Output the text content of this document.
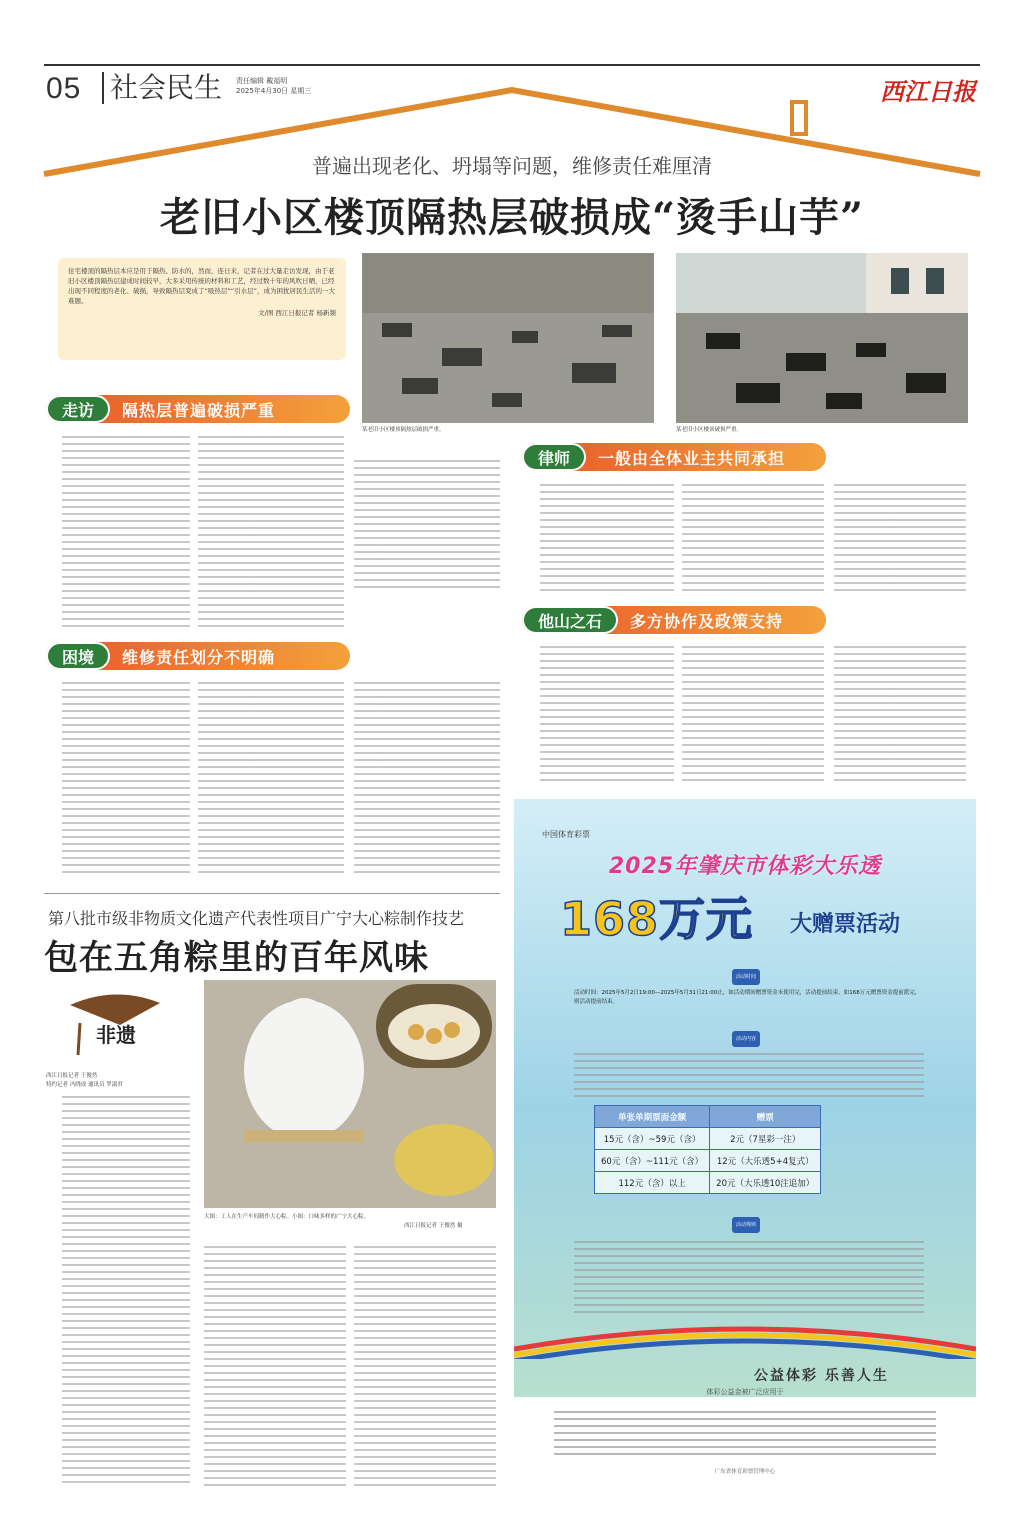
05 社会民生 责任编辑 戴福明
2025年4月30日 星期三	西江日报
普遍出现老化、坍塌等问题，维修责任难厘清
老旧小区楼顶隔热层破损成“烫手山芋”

住宅楼顶的隔热层本应是用于隔热、防水的，然而，连日来，记者在过大量走访发现，由于老旧小区楼顶隔热层建成时间较早，大多采用传统的材料和工艺，经过数十年的风吹日晒，已经出现不同程度的老化、破损，导致隔热层变成了“吸热层”“引水层”，成为困扰居民生活的一大难题。

文/图 西江日报记者 杨新频

某老旧小区楼顶隔热层破损严重。	某老旧小区楼顶破损严重。
走访	隔热层普遍破损严重
律师	一般由全体业主共同承担
困境	维修责任划分不明确
他山之石	多方协作及政策支持
第八批市级非物质文化遗产代表性项目广宁大心粽制作技艺
包在五角粽里的百年风味
非遗
西江日报记者 王俊然
特约记者 冯晓成 通讯员 罗淑君
大图：工人在生产车间制作大心粽。小图：口味多样的广宁大心粽。
西江日报记者 王俊然 摄
中国体育彩票
2025年肇庆市体彩大乐透
168万元 大赠票活动
活动时间
活动时间：2025年5月2日19:00—2025年5月31日21:00止，如活动期间赠票资金未使用完，活动提前结束。如168万元赠票资金提前派完，则活动提前结束。
活动内容
单张单期票面金额	赠票
15元（含）~59元（含）	2元（7星彩一注）
60元（含）~111元（含）	12元（大乐透5+4复式）
112元（含）以上	20元（大乐透10注追加）
活动规则
公益体彩 乐善人生
体彩公益金被广泛应用于
广东省体育彩票管理中心
